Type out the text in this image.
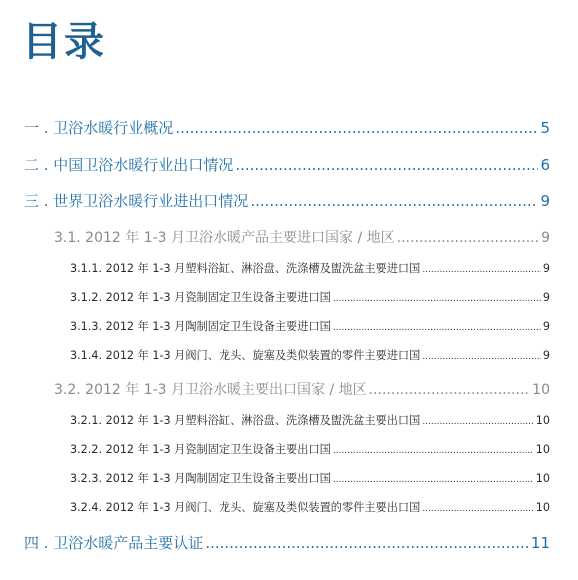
目录
一 . 卫浴水暖行业概况 .....	5
二 . 中国卫浴水暖行业出口情况 .....	6
三 . 世界卫浴水暖行业进出口情况 .....	9
3.1. 2012 年 1-3 月卫浴水暖产品主要进口国家 / 地区 .....	9
3.1.1. 2012 年 1-3 月塑料浴缸、淋浴盘、洗涤槽及盥洗盆主要进口国 .....	9
3.1.2. 2012 年 1-3 月瓷制固定卫生设备主要进口国 .....	9
3.1.3. 2012 年 1-3 月陶制固定卫生设备主要进口国 .....	9
3.1.4. 2012 年 1-3 月阀门、龙头、旋塞及类似装置的零件主要进口国 .....	9
3.2. 2012 年 1-3 月卫浴水暖主要出口国家 / 地区 .....	10
3.2.1. 2012 年 1-3 月塑料浴缸、淋浴盘、洗涤槽及盥洗盆主要出口国 .....	10
3.2.2. 2012 年 1-3 月瓷制固定卫生设备主要出口国 .....	10
3.2.3. 2012 年 1-3 月陶制固定卫生设备主要出口国 .....	10
3.2.4. 2012 年 1-3 月阀门、龙头、旋塞及类似装置的零件主要出口国 .....	10
四 . 卫浴水暖产品主要认证 .....	11
